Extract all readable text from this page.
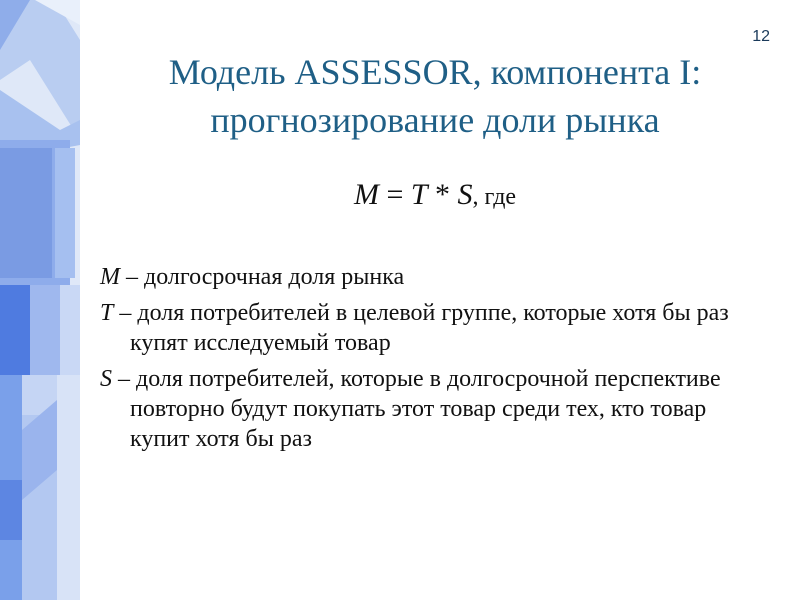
12
Модель ASSESSOR, компонента I:
прогнозирование доли рынка
M = T * S, где
M – долгосрочная доля рынка
T – доля потребителей в целевой группе, которые хотя бы раз купят исследуемый товар
S – доля потребителей, которые в долгосрочной перспективе повторно будут покупать этот товар среди тех, кто товар купит хотя бы раз
